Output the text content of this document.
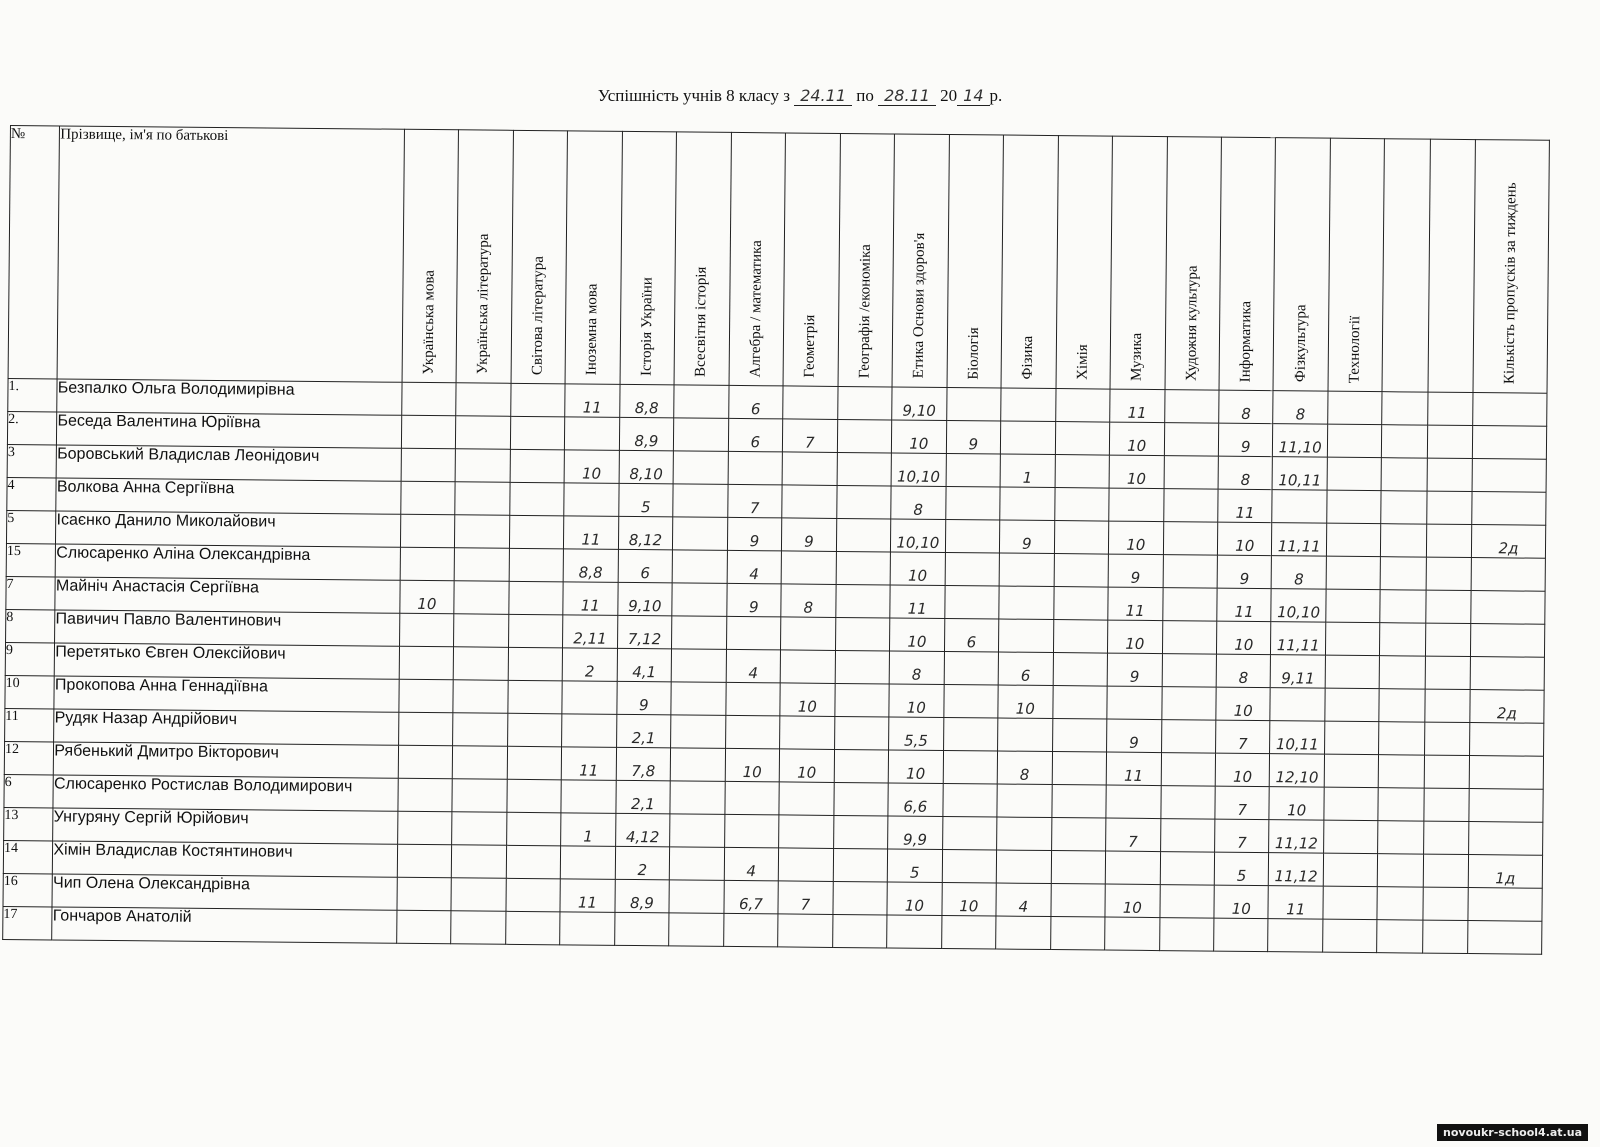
Успішність учнів 8 класу з 24.11 по 28.11 20 14 р.
№	Прізвище, ім'я по батькові	Українська мова	Українська література	Світова література	Іноземна мова	Історія України	Всесвітня історія	Алгебра / математика	Геометрія	Географія /економіка	Етика Основи здоров'я	Біологія	Фізика	Хімія	Музика	Художня культура	Інформатика	Фізкультура	Технології			Кількість пропусків за тиждень

1.	Безпалко Ольга Володимирівна				11	8,8		6			9,10				11		8	8				
2.	Беседа Валентина Юріївна					8,9		6	7		10	9			10		9	11,10				
3	Боровський Владислав Леонідович				10	8,10					10,10		1		10		8	10,11				
4	Волкова Анна Сергіївна					5		7			8						11					
5	Ісаєнко Данило Миколайович				11	8,12		9	9		10,10		9		10		10	11,11				2д
15	Слюсаренко Аліна Олександрівна				8,8	6		4			10				9		9	8				
7	Майніч Анастасія Сергіївна	10			11	9,10		9	8		11				11		11	10,10				
8	Павичич Павло Валентинович				2,11	7,12					10	6			10		10	11,11				
9	Перетятько Євген Олексійович				2	4,1		4			8		6		9		8	9,11				
10	Прокопова Анна Геннадіївна					9			10		10		10				10					2д
11	Рудяк Назар Андрійович					2,1					5,5				9		7	10,11				
12	Рябенький Дмитро Вікторович				11	7,8		10	10		10		8		11		10	12,10				
6	Слюсаренко Ростислав Володимирович					2,1					6,6						7	10				
13	Унгуряну Сергій Юрійович				1	4,12					9,9				7		7	11,12				
14	Хімін Владислав Костянтинович					2		4			5						5	11,12				1д
16	Чип Олена Олександрівна				11	8,9		6,7	7		10	10	4		10		10	11				
17	Гончаров Анатолій																					
novoukr-school4.at.ua
